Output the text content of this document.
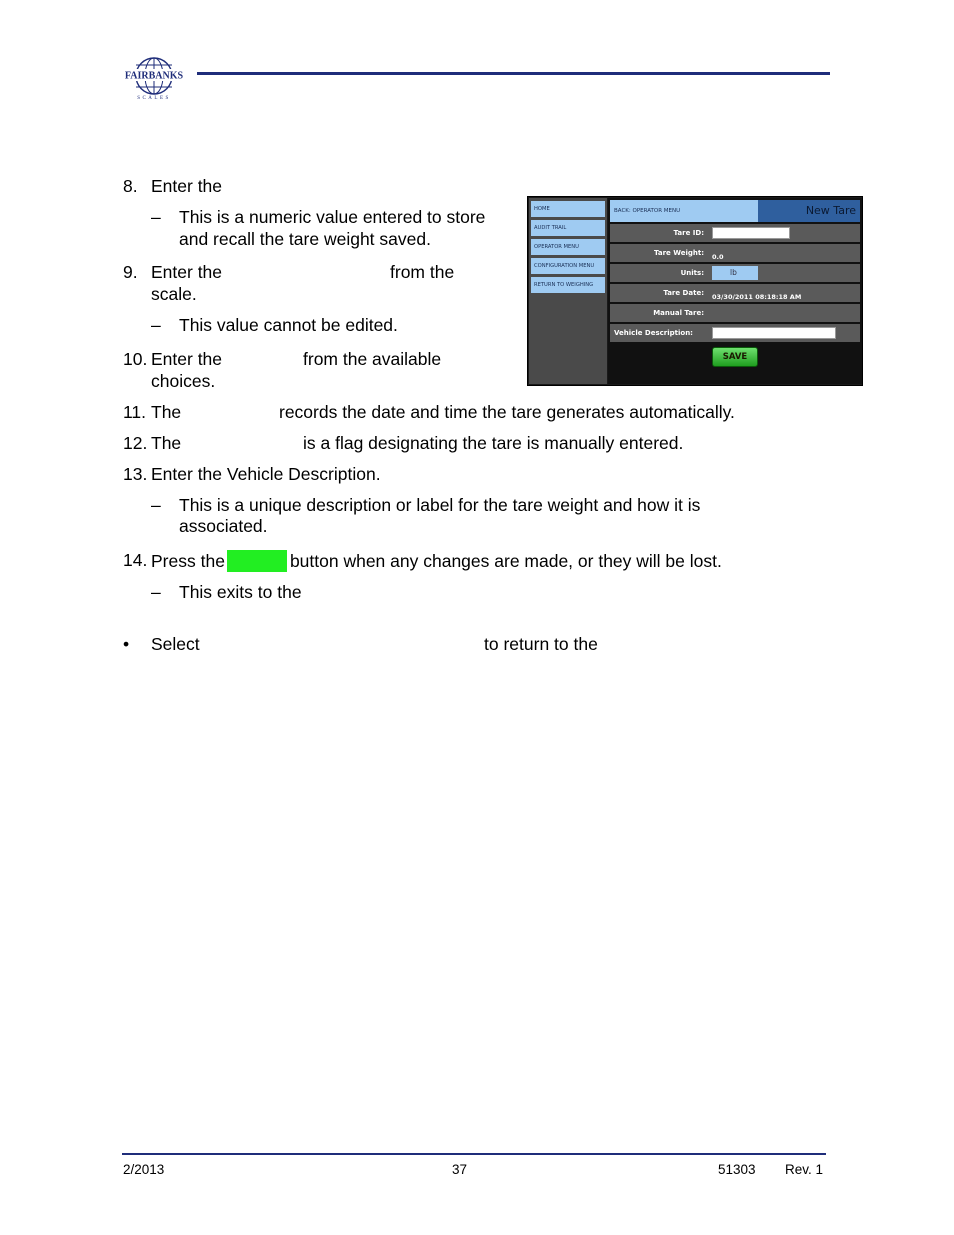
FAIRBANKS
SCALES
8. Enter the
– This is a numeric value entered to store
and recall the tare weight saved.
9. Enter the	from the
scale.
– This value cannot be edited.
10. Enter the	from the available
choices.
11. The	records the date and time the tare generates automatically.
12. The	is a flag designating the tare is manually entered.
13. Enter the Vehicle Description.
– This is a unique description or label for the tare weight and how it is
associated.
14. Press the	button when any changes are made, or they will be lost.
– This exits to the
• Select	to return to the
HOME
AUDIT TRAIL
OPERATOR MENU
CONFIGURATION MENU
RETURN TO WEIGHING
BACK: OPERATOR MENU	New Tare
Tare ID:
Tare Weight: 0.0
Units:	lb
Tare Date: 03/30/2011 08:18:18 AM
Manual Tare:
Vehicle Description:
SAVE
2/2013	37	51303 Rev. 1
